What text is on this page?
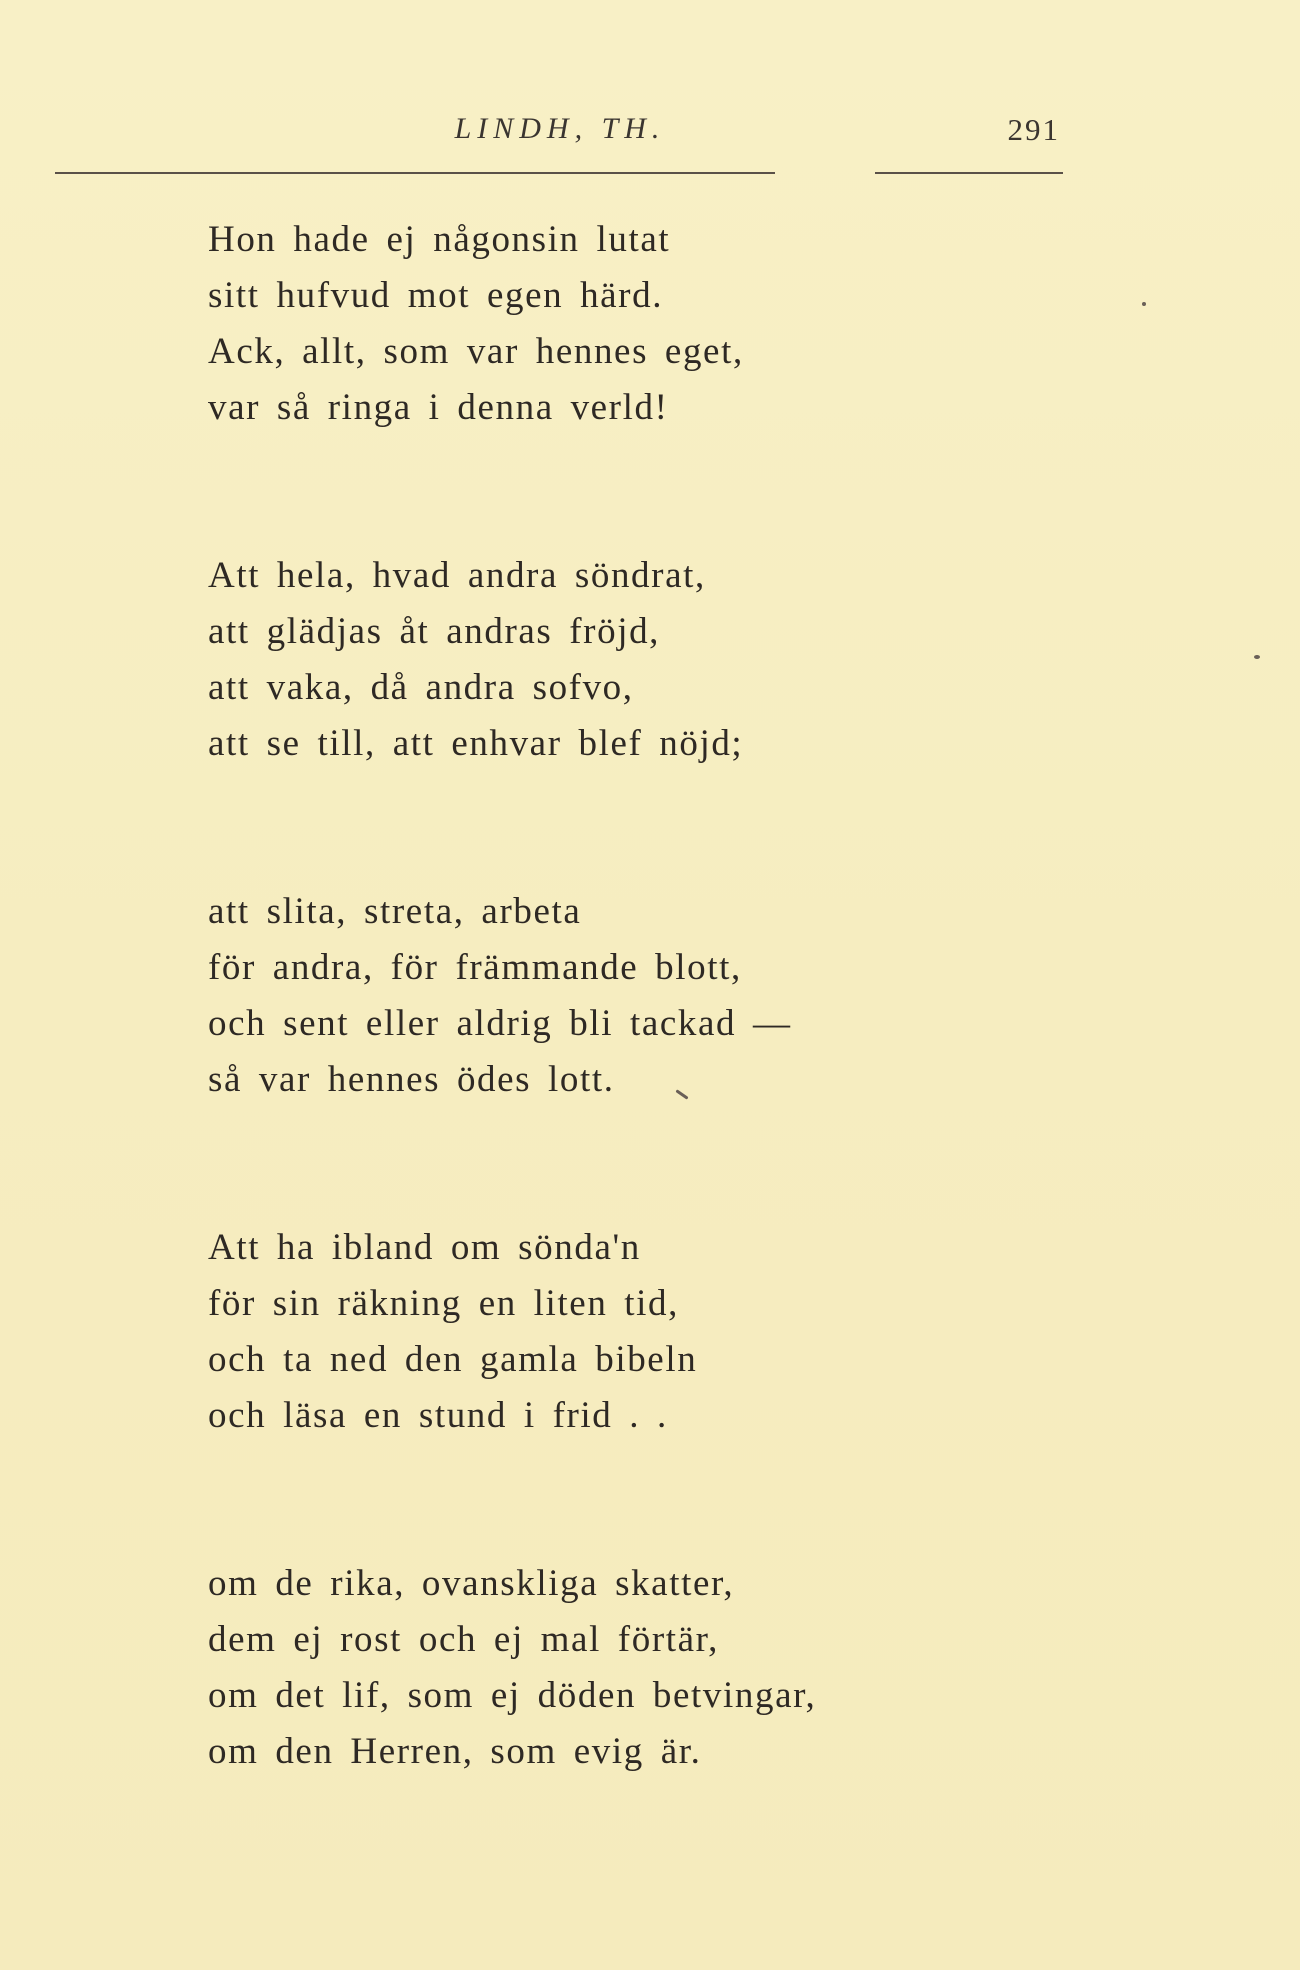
LINDH, TH.	291
Hon hade ej någonsin lutat
sitt hufvud mot egen härd.
Ack, allt, som var hennes eget,
var så ringa i denna verld!
Att hela, hvad andra söndrat,
att glädjas åt andras fröjd,
att vaka, då andra sofvo,
att se till, att enhvar blef nöjd;
att slita, streta, arbeta
för andra, för främmande blott,
och sent eller aldrig bli tackad —
så var hennes ödes lott.
Att ha ibland om sönda'n
för sin räkning en liten tid,
och ta ned den gamla bibeln
och läsa en stund i frid . .
om de rika, ovanskliga skatter,
dem ej rost och ej mal förtär,
om det lif, som ej döden betvingar,
om den Herren, som evig är.
